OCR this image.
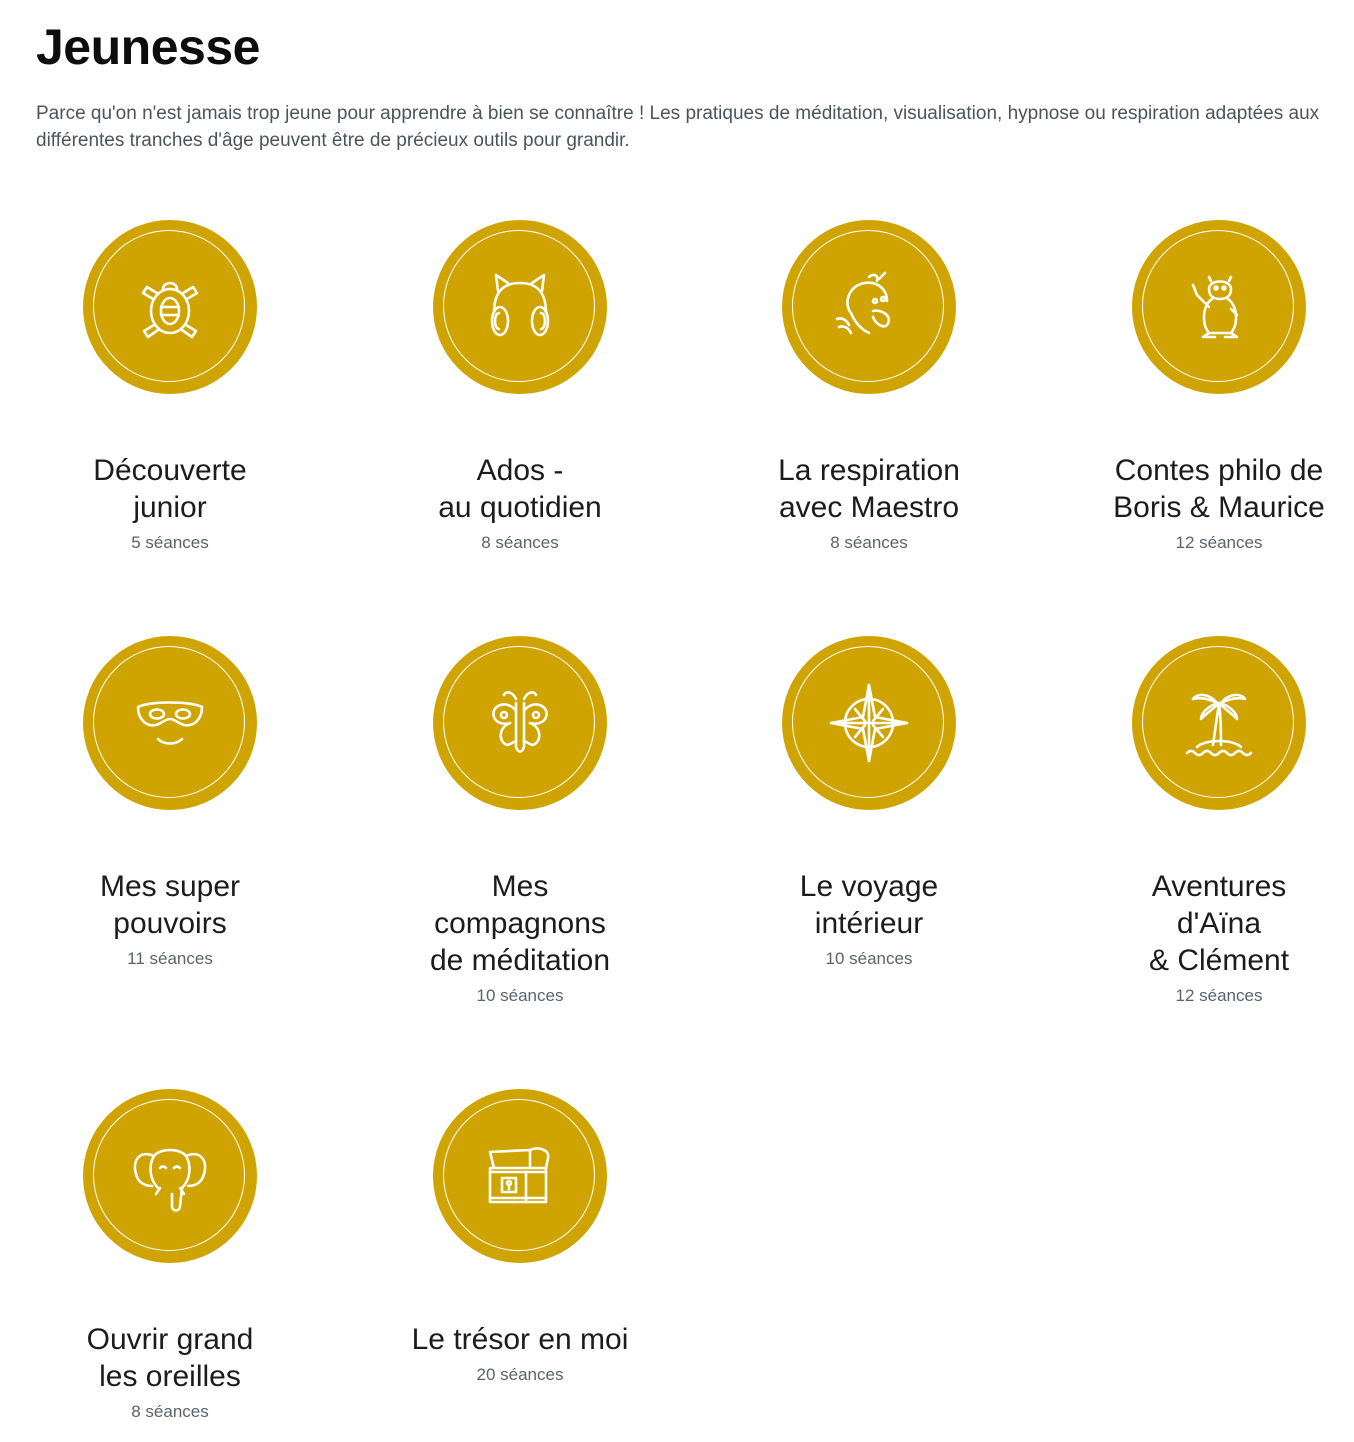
Jeunesse

Parce qu'on n'est jamais trop jeune pour apprendre à bien se connaître ! Les pratiques de méditation, visualisation, hypnose ou respiration adaptées aux différentes tranches d'âge peuvent être de précieux outils pour grandir.

Découverte
junior
5 séances
Ados -
au quotidien
8 séances
La respiration
avec Maestro
8 séances
Contes philo de
Boris & Maurice
12 séances
Mes super
pouvoirs
11 séances
Mes
compagnons
de méditation
10 séances
Le voyage
intérieur
10 séances
Aventures
d'Aïna
& Clément
12 séances
Ouvrir grand
les oreilles
8 séances
Le trésor en moi
20 séances
